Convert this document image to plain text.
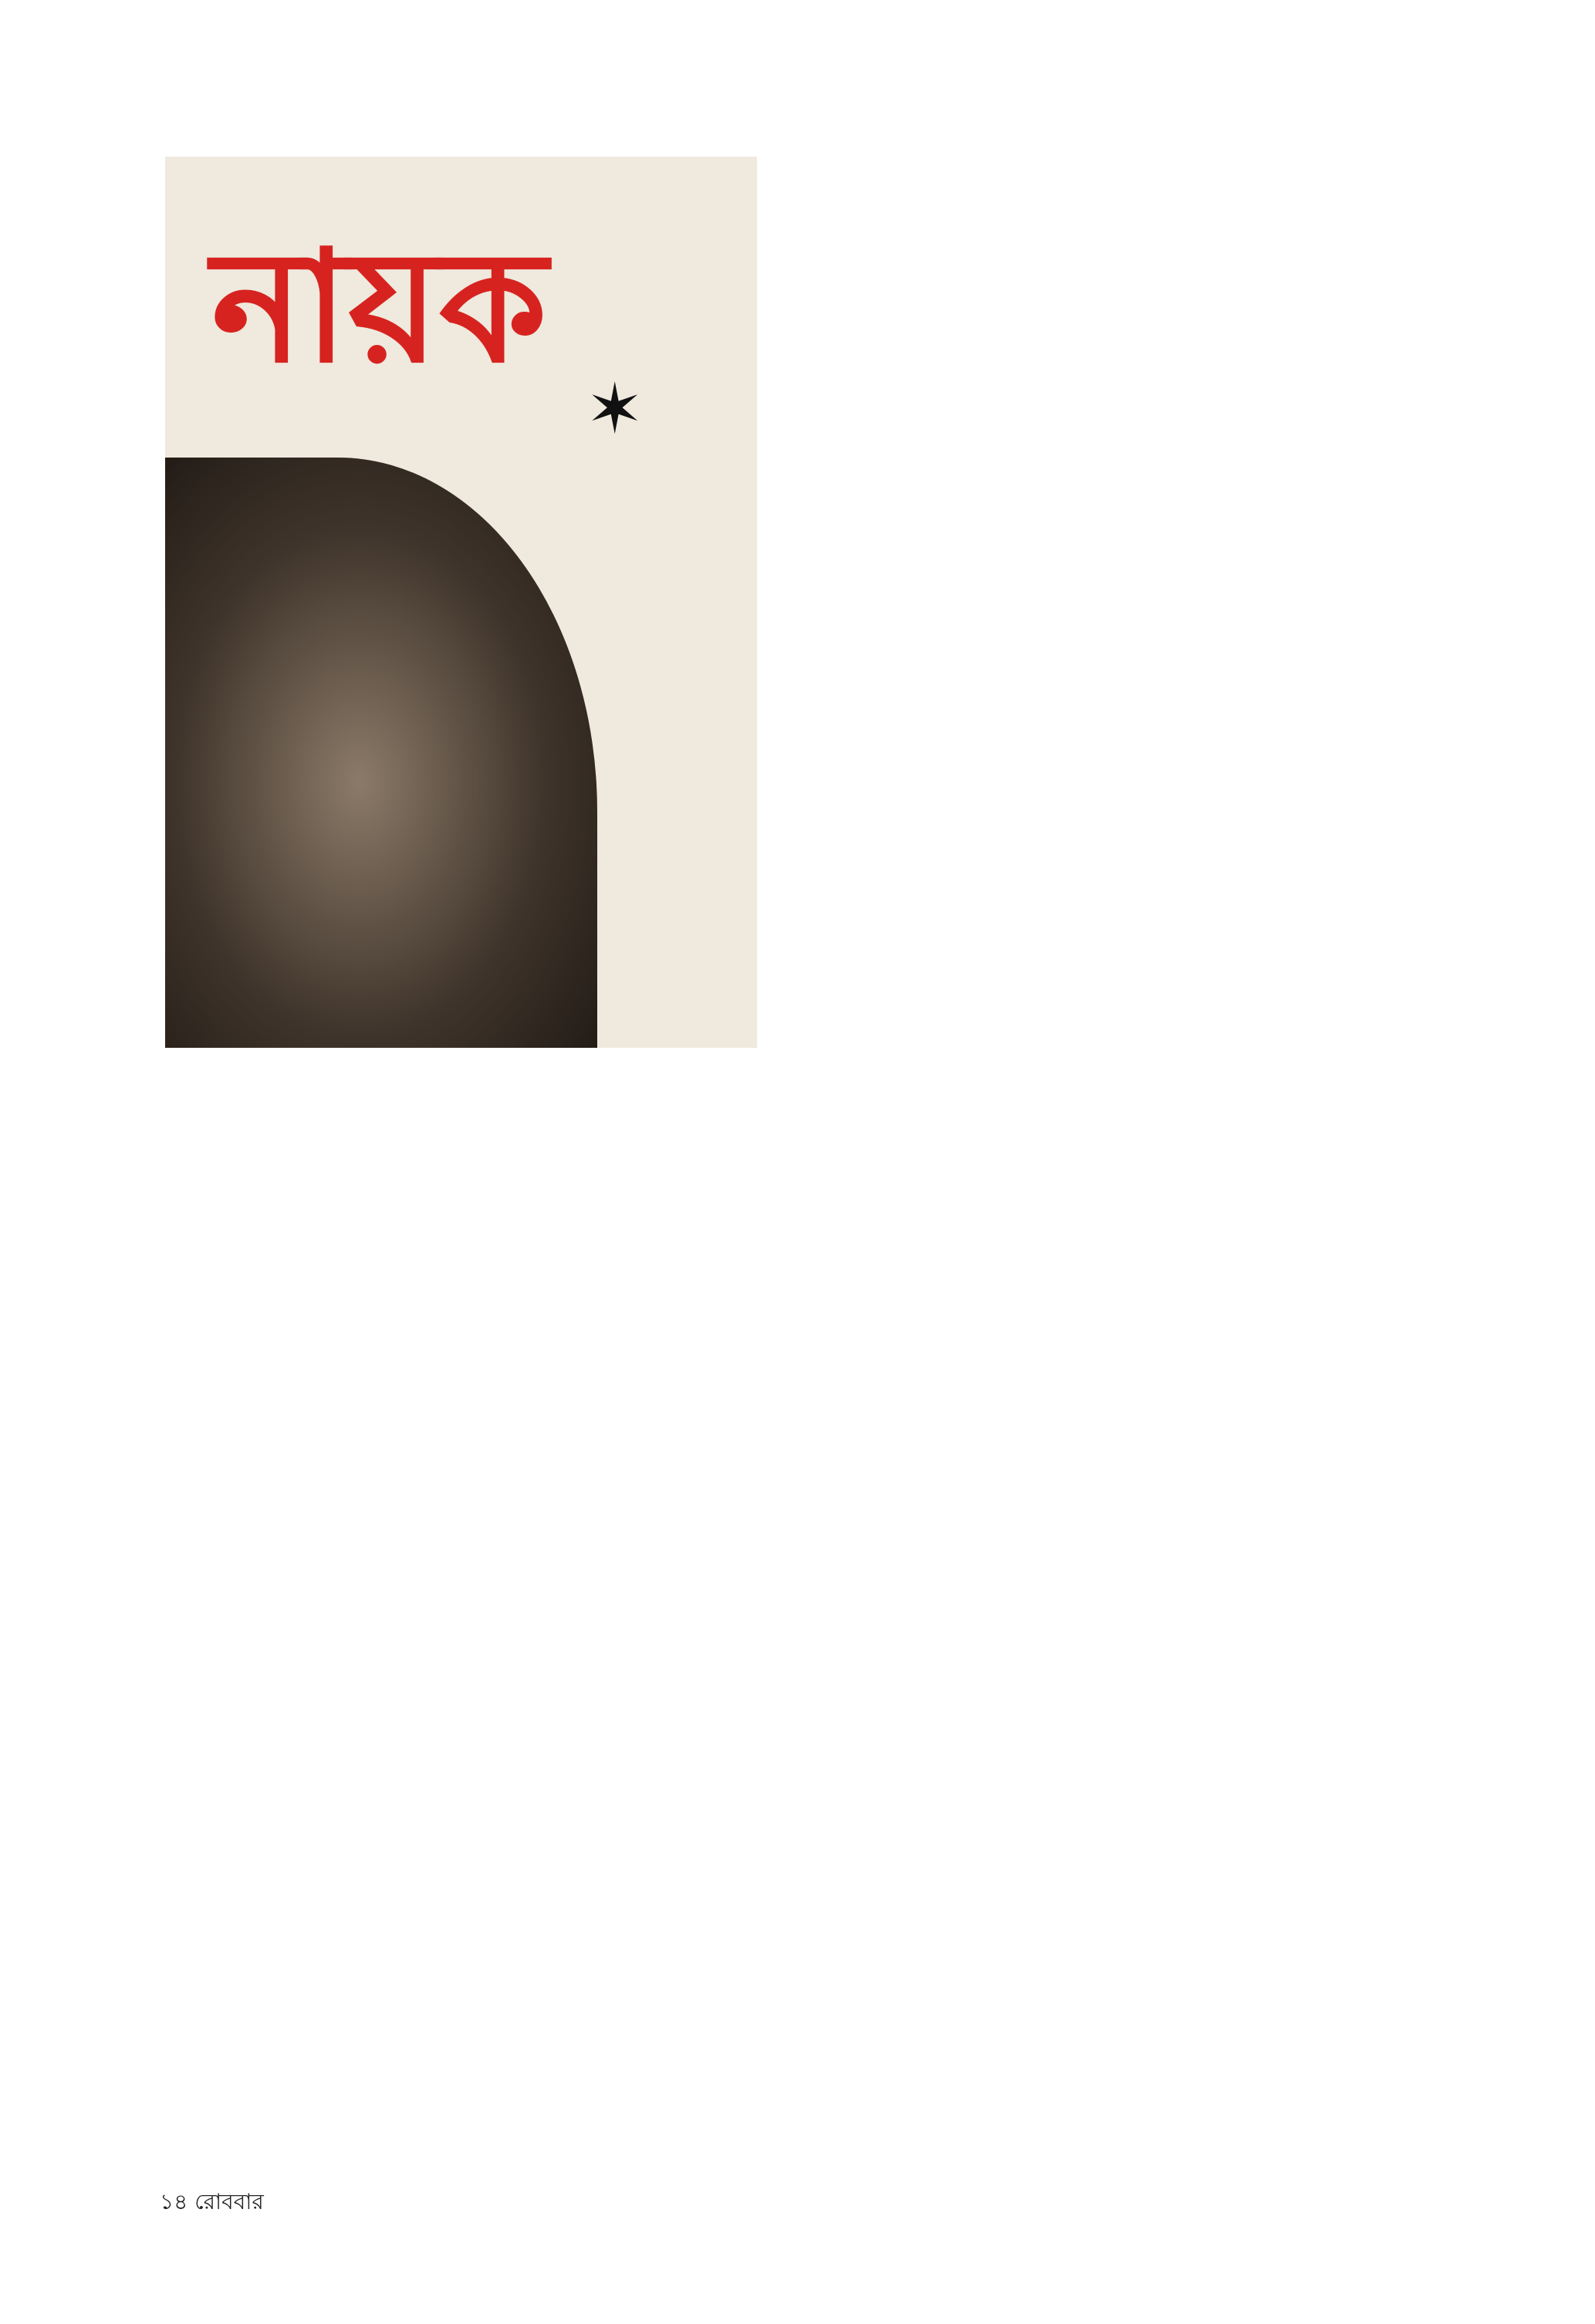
নায়ক
✶
১৪ রোববার
